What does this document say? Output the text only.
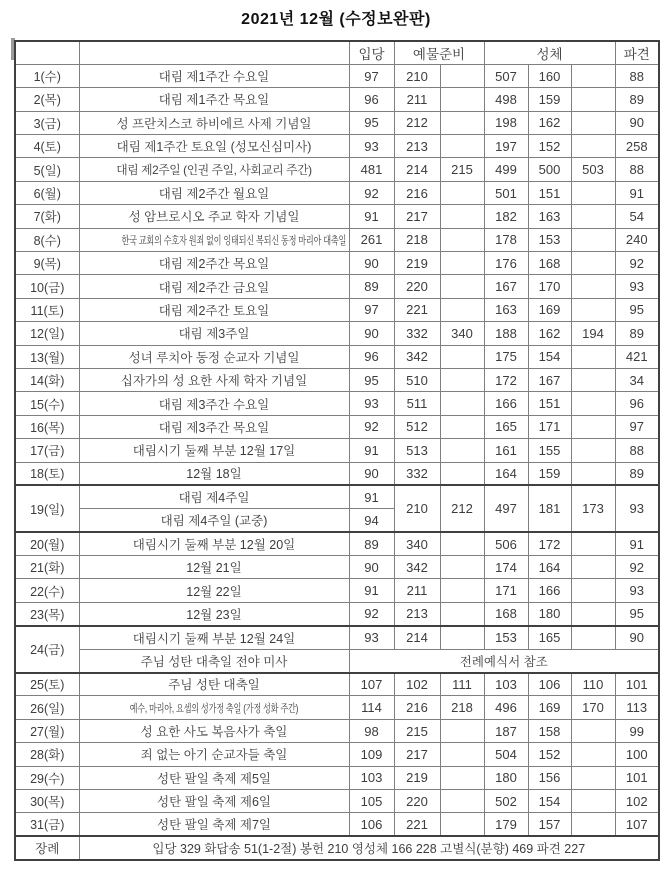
2021년 12월 (수정보완판)
		입당	예물준비		성체			파견
1(수)	대림 제1주간 수요일	97	210		507	160		88
2(목)	대림 제1주간 목요일	96	211		498	159		89
3(금)	성 프란치스코 하비에르 사제 기념일	95	212		198	162		90
4(토)	대림 제1주간 토요일 (성모신심미사)	93	213		197	152		258
5(일)	대림 제2주일 (인권 주일, 사회교리 주간)	481	214	215	499	500	503	88
6(월)	대림 제2주간 월요일	92	216		501	151		91
7(화)	성 암브로시오 주교 학자 기념일	91	217		182	163		54
8(수)	한국 교회의 수호자 원죄 없이 잉태되신 복되신 동정 마리아 대축일	261	218		178	153		240
9(목)	대림 제2주간 목요일	90	219		176	168		92
10(금)	대림 제2주간 금요일	89	220		167	170		93
11(토)	대림 제2주간 토요일	97	221		163	169		95
12(일)	대림 제3주일	90	332	340	188	162	194	89
13(월)	성녀 루치아 동정 순교자 기념일	96	342		175	154		421
14(화)	십자가의 성 요한 사제 학자 기념일	95	510		172	167		34
15(수)	대림 제3주간 수요일	93	511		166	151		96
16(목)	대림 제3주간 목요일	92	512		165	171		97
17(금)	대림시기 둘째 부분 12월 17일	91	513		161	155		88
18(토)	12월 18일	90	332		164	159		89
19(일)	대림 제4주일	91	210	212	497	181	173	93
	대림 제4주일 (교중)	94						
20(월)	대림시기 둘째 부분 12월 20일	89	340		506	172		91
21(화)	12월 21일	90	342		174	164		92
22(수)	12월 22일	91	211		171	166		93
23(목)	12월 23일	92	213		168	180		95
24(금)	대림시기 둘째 부분 12월 24일	93	214		153	165		90
	주님 성탄 대축일 전야 미사	전례예식서 참조						
25(토)	주님 성탄 대축일	107	102	111	103	106	110	101
26(일)	예수, 마리아, 요셉의 성가정 축일 (가정 성화 주간)	114	216	218	496	169	170	113
27(월)	성 요한 사도 복음사가 축일	98	215		187	158		99
28(화)	죄 없는 아기 순교자들 축일	109	217		504	152		100
29(수)	성탄 팔일 축제 제5일	103	219		180	156		101
30(목)	성탄 팔일 축제 제6일	105	220		502	154		102
31(금)	성탄 팔일 축제 제7일	106	221		179	157		107
장례	입당 329 화답송 51(1-2절) 봉헌 210 영성체 166 228 고별식(분향) 469 파견 227							
